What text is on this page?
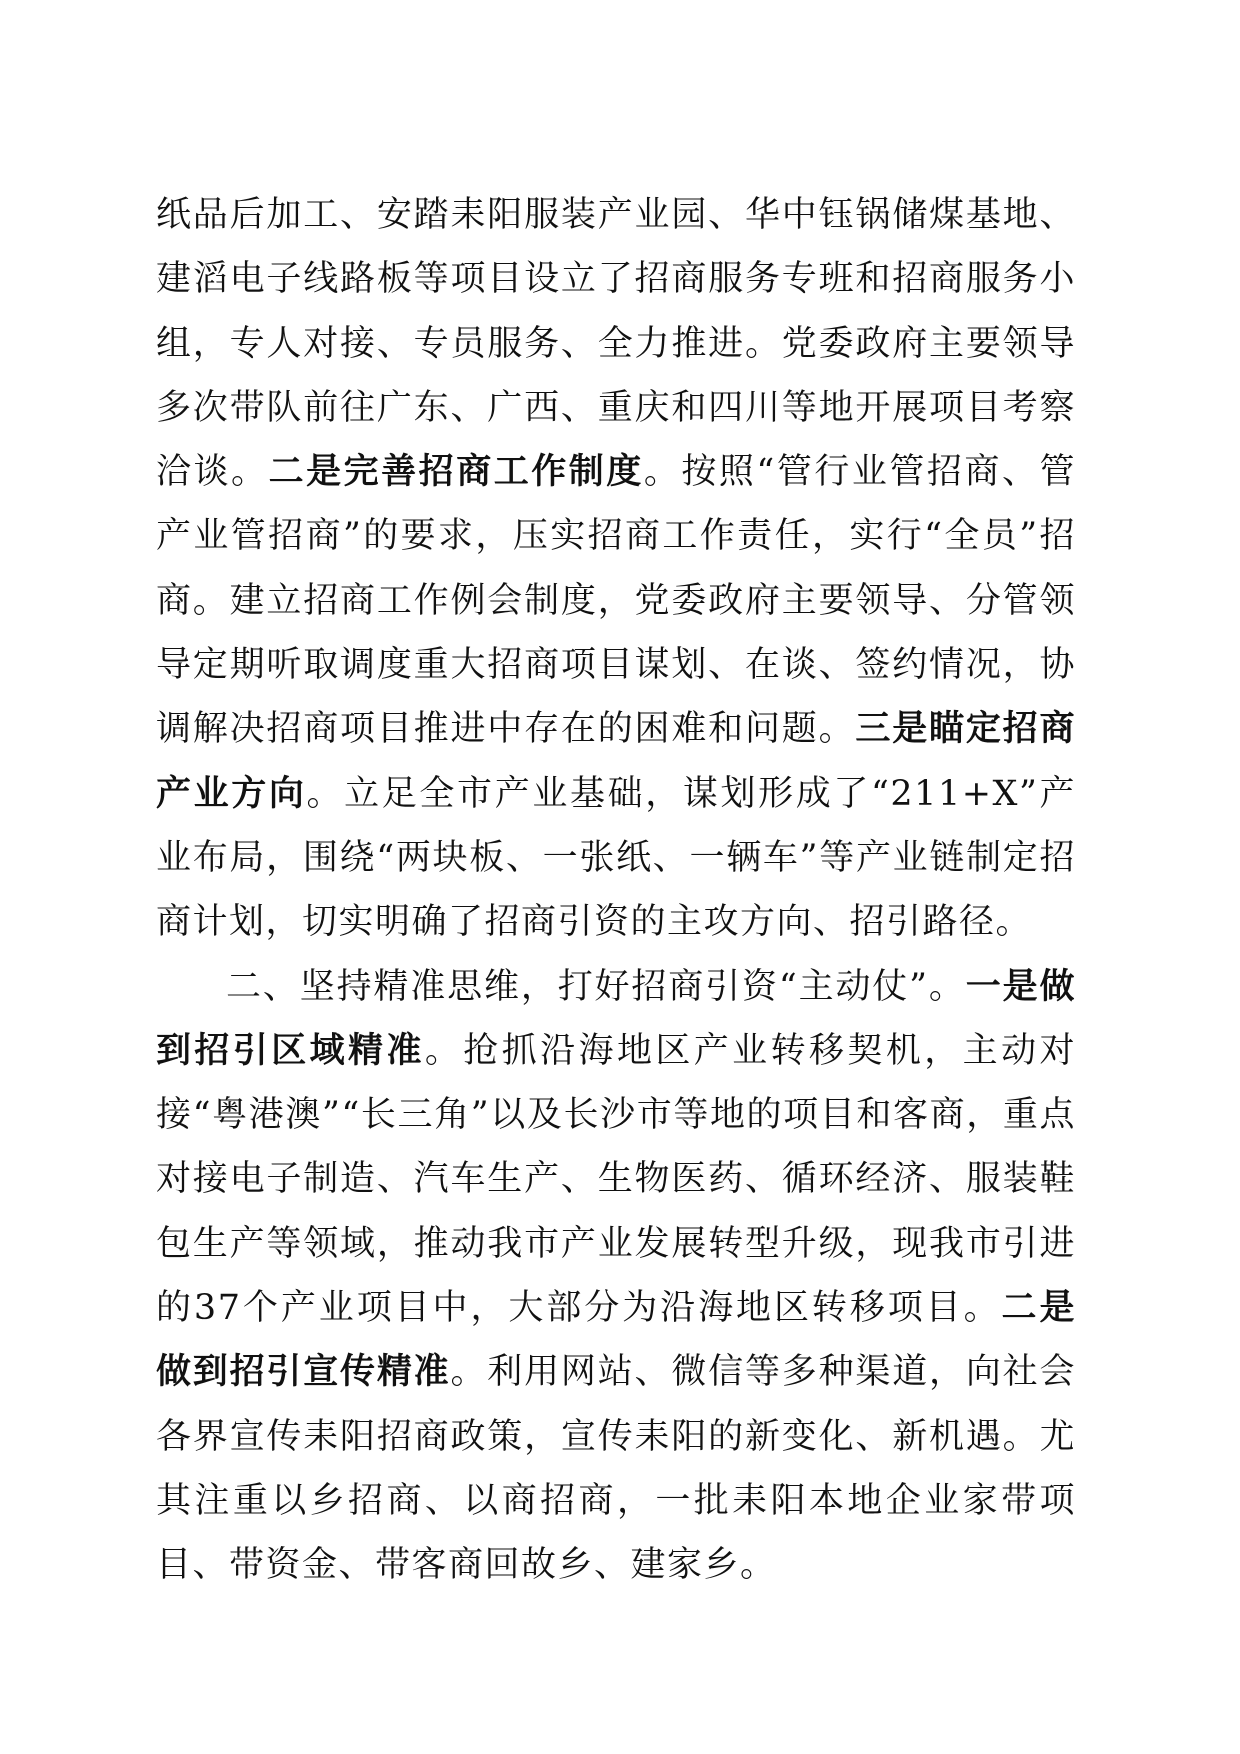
纸品后加工、安踏耒阳服装产业园、华中钰锅储煤基地、建滔电子线路板等项目设立了招商服务专班和招商服务小组，专人对接、专员服务、全力推进。党委政府主要领导多次带队前往广东、广西、重庆和四川等地开展项目考察洽谈。二是完善招商工作制度。按照“管行业管招商、管产业管招商”的要求，压实招商工作责任，实行“全员”招商。建立招商工作例会制度，党委政府主要领导、分管领导定期听取调度重大招商项目谋划、在谈、签约情况，协调解决招商项目推进中存在的困难和问题。三是瞄定招商产业方向。立足全市产业基础，谋划形成了“211+X”产业布局，围绕“两块板、一张纸、一辆车”等产业链制定招商计划，切实明确了招商引资的主攻方向、招引路径。

二、坚持精准思维，打好招商引资“主动仗”。一是做到招引区域精准。抢抓沿海地区产业转移契机，主动对接“粤港澳”“长三角”以及长沙市等地的项目和客商，重点对接电子制造、汽车生产、生物医药、循环经济、服装鞋包生产等领域，推动我市产业发展转型升级，现我市引进的37个产业项目中，大部分为沿海地区转移项目。二是做到招引宣传精准。利用网站、微信等多种渠道，向社会各界宣传耒阳招商政策，宣传耒阳的新变化、新机遇。尤其注重以乡招商、以商招商，一批耒阳本地企业家带项目、带资金、带客商回故乡、建家乡。
